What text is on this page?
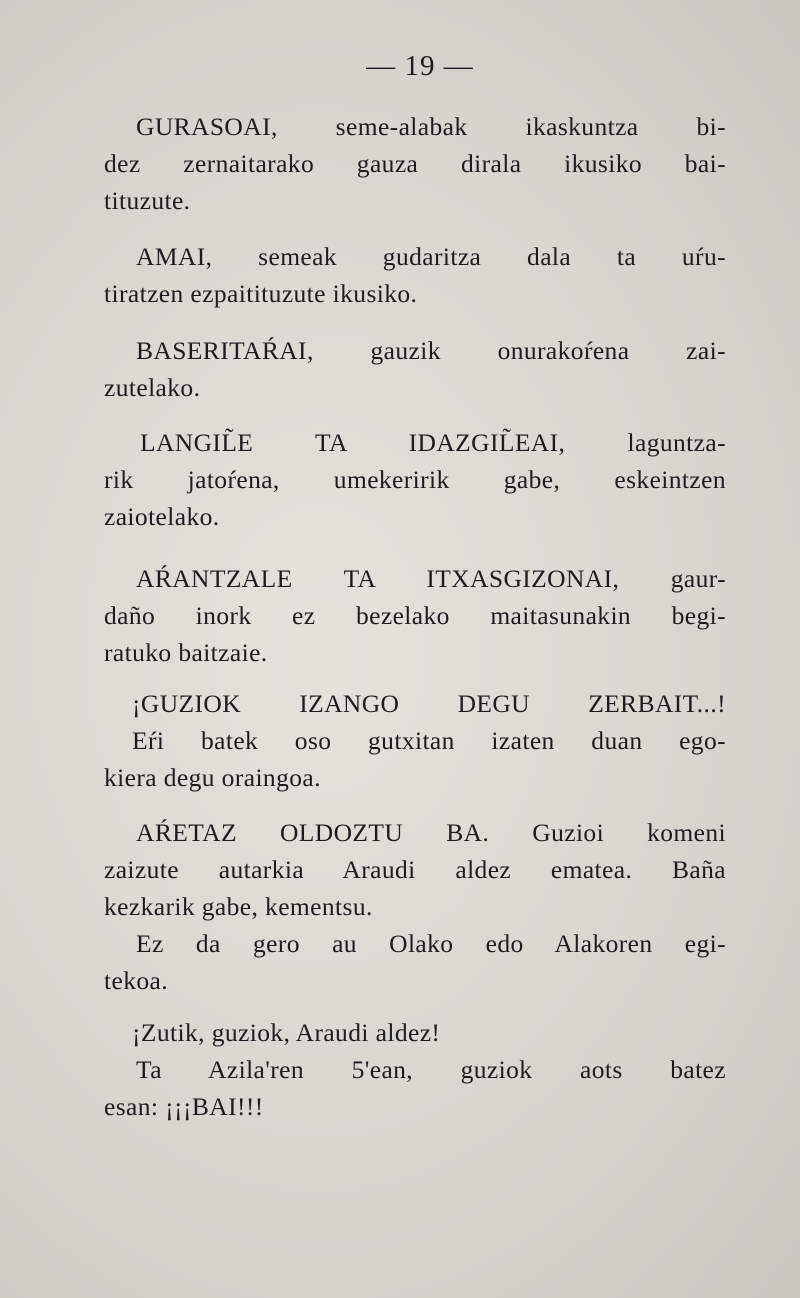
— 19 —
GURASOAI, seme-alabak ikaskuntza bi-
dez zernaitarako gauza dirala ikusiko bai-
tituzute.
AMAI, semeak gudaritza dala ta uŕu-
tiratzen ezpaitituzute ikusiko.
BASERITAŔAI, gauzik onurakoŕena zai-
zutelako.
LANGIL̃E TA IDAZGIL̃EAI, laguntza-
rik jatoŕena, umekeririk gabe, eskeintzen
zaiotelako.
AŔANTZALE TA ITXASGIZONAI, gaur-
daño inork ez bezelako maitasunakin begi-
ratuko baitzaie.
¡GUZIOK IZANGO DEGU ZERBAIT...!
Eŕi batek oso gutxitan izaten duan ego-
kiera degu oraingoa.
AŔETAZ OLDOZTU BA. Guzioi komeni
zaizute autarkia Araudi aldez ematea. Baña
kezkarik gabe, kementsu.
Ez da gero au Olako edo Alakoren egi-
tekoa.
¡Zutik, guziok, Araudi aldez!
Ta Azila'ren 5'ean, guziok aots batez
esan: ¡¡¡BAI!!!
